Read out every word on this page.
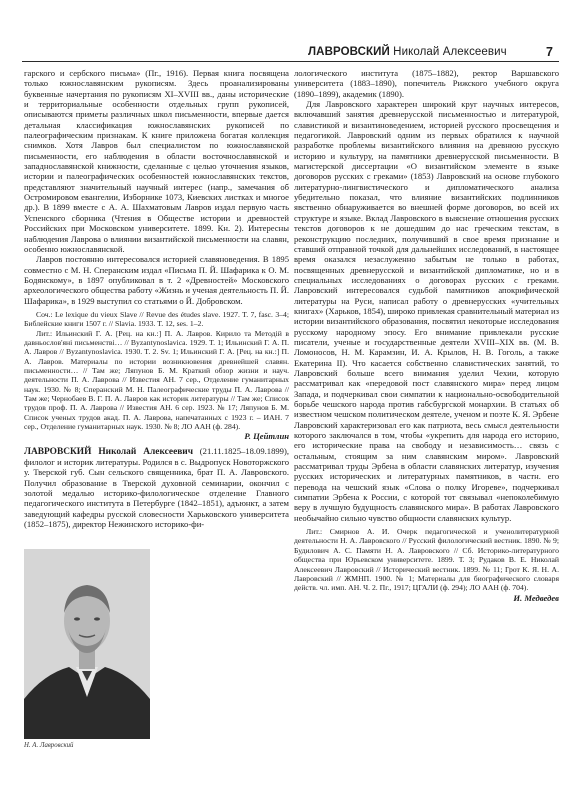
ЛАВРОВСКИЙ Николай Алексеевич	7

гарского и сербского письма» (Пг., 1916). Первая книга посвящена только южнославянским рукописям. Здесь проанализированы буквенные начертания по рукописям XI–XVIII вв., даны исторические и территориальные особенности отдельных групп рукописей, описываются приметы различных школ письменности, впервые дается детальная классификация южнославянских рукописей по палеографическим признакам. К книге приложена богатая коллекция снимков. Хотя Лавров был специалистом по южнославянской письменности, его наблюдения в области восточнославянской и западнославянской книжности, сделанные с целью уточнения языков, истории и палеографических особенностей южнославянских текстов, представляют значительный научный интерес (напр., замечания об Остромировом евангелии, Изборнике 1073, Киевских листках и многое др.). В 1899 вместе с А. А. Шахматовым Лавров издал первую часть Успенского сборника (Чтения в Обществе истории и древностей Российских при Московском университете. 1899. Кн. 2). Интересны наблюдения Лаврова о влиянии византийской письменности на славян, особенно южнославянской.

Лавров постоянно интересовался историей славяноведения. В 1895 совместно с М. Н. Сперанским издал «Письма П. Й. Шафарика к О. М. Бодянскому», в 1897 опубликовал в т. 2 «Древностей» Московского археологического общества работу «Жизнь и ученая деятельность П. Й. Шафарика», в 1929 выступил со статьями о Й. Добровском.

Соч.: Le lexique du vieux Slave // Revue des études slave. 1927. T. 7, fasc. 3–4; Библейские книги 1507 г. // Slavia. 1933. T. 12, sеs. 1–2.

Лит.: Ильинский Г. А. [Рец. на кн.:] П. А. Лавров. Кирило та Методій в давньоcлов'янi письменстві… // Byzantynoslavica. 1929. T. 1; Ильинский Г. А. П. А. Лавров // Byzantynoslavica. 1930. T. 2. Sv. 1; Ильинский Г. А. [Рец. на кн.:] П. А. Лавров. Материалы по истории возникновения древнейшей славян. письменности… // Там же; Ляпунов Б. М. Краткий обзор жизни и науч. деятельности П. А. Лаврова // Известия АН. 7 сер., Отделение гуманитарных наук. 1930. № 8; Сперанский М. Н. Палеографические труды П. А. Лаврова // Там же; Чернобаев В. Г. П. А. Лавров как историк литературы // Там же; Список трудов проф. П. А. Лаврова // Известия АН. 6 сер. 1923. № 17; Ляпунов Б. М. Список ученых трудов акад. П. А. Лаврова, напечатанных с 1923 г. – ИАН. 7 сер., Отделение гуманитарных наук. 1930. № 8; ЛО ААН (ф. 284).

Р. Цейтлин

ЛАВРОВСКИЙ Николай Алексеевич (21.11.1825–18.09.1899), филолог и историк литературы. Родился в с. Выдропуск Новоторжского у. Тверской губ. Сын сельского священника, брат П. А. Лавровского. Получил образование в Тверской духовной семинарии, окончил с золотой медалью историко-филологическое отделение Главного педагогического института в Петербурге (1842–1851), адъюнкт, а затем заведующий кафедры русской словесности Харьковского университета (1852–1875), директор Нежинского историко-фи-

Н. А. Лавровский

лологического института (1875–1882), ректор Варшавского университета (1883–1890), попечитель Рижского учебного округа (1890–1899), академик (1890).

Для Лавровского характерен широкий круг научных интересов, включавший занятия древнерусской письменностью и литературой, славистикой и византиноведением, историей русского просвещения и педагогикой. Лавровский одним из первых обратился к научной разработке проблемы византийского влияния на древнюю русскую историю и культуру, на памятники древнерусской письменности. В магистерской диссертации «О византийском элементе в языке договоров русских с греками» (1853) Лавровский на основе глубокого литературно-лингвистического и дипломатического анализа убедительно показал, что влияние византийских подлинников явственно обнаруживается во внешней форме договоров, во всей их структуре и языке. Вклад Лавровского в выяснение отношения русских текстов договоров к не дошедшим до нас греческим текстам, в реконструкцию последних, получивший в свое время признание и ставший отправной точкой для дальнейших исследований, в настоящее время оказался незаслуженно забытым не только в работах, посвященных древнерусской и византийской дипломатике, но и в специальных исследованиях о договорах русских с греками. Лавровский интересовался судьбой памятников апокрифической литературы на Руси, написал работу о древнерусских «учительных книгах» (Харьков, 1854), широко привлекая сравнительный материал из истории византийского образования, посвятил некоторые исследования русскому народному эпосу. Его внимание привлекали русские писатели, ученые и государственные деятели XVIII–XIX вв. (М. В. Ломоносов, Н. М. Карамзин, И. А. Крылов, Н. В. Гоголь, а также Екатерина II). Что касается собственно славистических занятий, то Лавровский больше всего внимания уделил Чехии, которую рассматривал как «передовой пост славянского мира» перед лицом Запада, и подчеркивал свои симпатии к национально-освободительной борьбе чешского народа против габсбургской монархии. В статьях об известном чешском политическом деятеле, ученом и поэте К. Я. Эрбене Лавровский характеризовал его как патриота, весь смысл деятельности которого заключался в том, чтобы «укрепить для народа его историю, его исторические права на свободу и независимость… связь с остальным, стоящим за ним славянским миром». Лавровский рассматривал труды Эрбена в области славянских литератур, изучения русских исторических и литературных памятников, в частн. его перевода на чешский язык «Слова о полку Игореве», подчеркивал симпатии Эрбена к России, с которой тот связывал «непоколебимую веру в лучшую будущность славянского мира». В работах Лавровского необычайно сильно чувство общности славянских культур.

Лит.: Смирнов А. И. Очерк педагогической и ученолитературной деятельности Н. А. Лавровского // Русский филологический вестник. 1890. № 9; Будилович А. С. Памяти Н. А. Лавровского // Сб. Историко-литературного общества при Юрьевском университете. 1899. Т. 3; Рудаков В. Е. Николай Алексеевич Лавровский // Исторический вестник. 1899. № 11; Грот К. Я. Н. А. Лавровский // ЖМНП. 1900. № 1; Материалы для биографического словаря действ. чл. имп. АН. Ч. 2. Пг., 1917; ЦГАЛИ (ф. 294); ЛО ААН (ф. 704).

И. Медведев
